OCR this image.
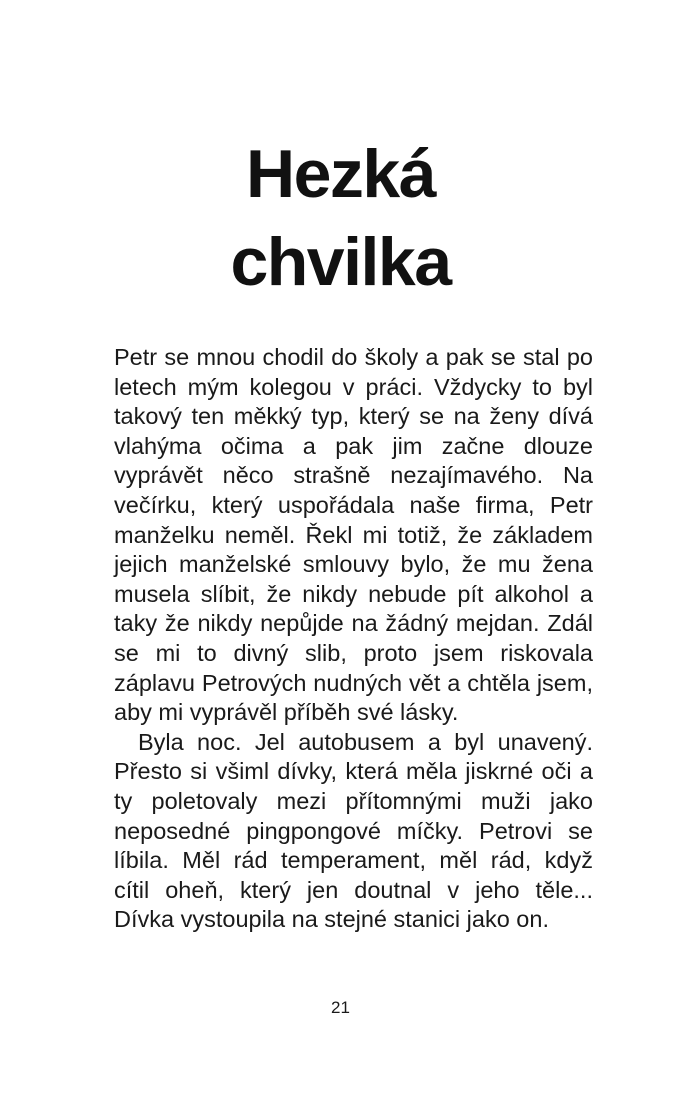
Hezká
chvilka

Petr se mnou chodil do školy a pak se stal po letech mým kolegou v práci. Vždycky to byl takový ten měkký typ, který se na ženy dívá vlahýma očima a pak jim začne dlouze vyprávět něco strašně nezajímavého. Na večírku, který uspořádala naše firma, Petr manželku neměl. Řekl mi totiž, že základem jejich manželské smlouvy bylo, že mu žena musela slíbit, že nikdy nebude pít alkohol a taky že nikdy nepůjde na žádný mejdan. Zdál se mi to divný slib, proto jsem riskovala záplavu Petrových nudných vět a chtěla jsem, aby mi vyprávěl příběh své lásky.

Byla noc. Jel autobusem a byl unavený. Přesto si všiml dívky, která měla jiskrné oči a ty poletovaly mezi přítomnými muži jako neposedné pingpongové míčky. Petrovi se líbila. Měl rád temperament, měl rád, když cítil oheň, který jen doutnal v jeho těle... Dívka vystoupila na stejné stanici jako on.

21
